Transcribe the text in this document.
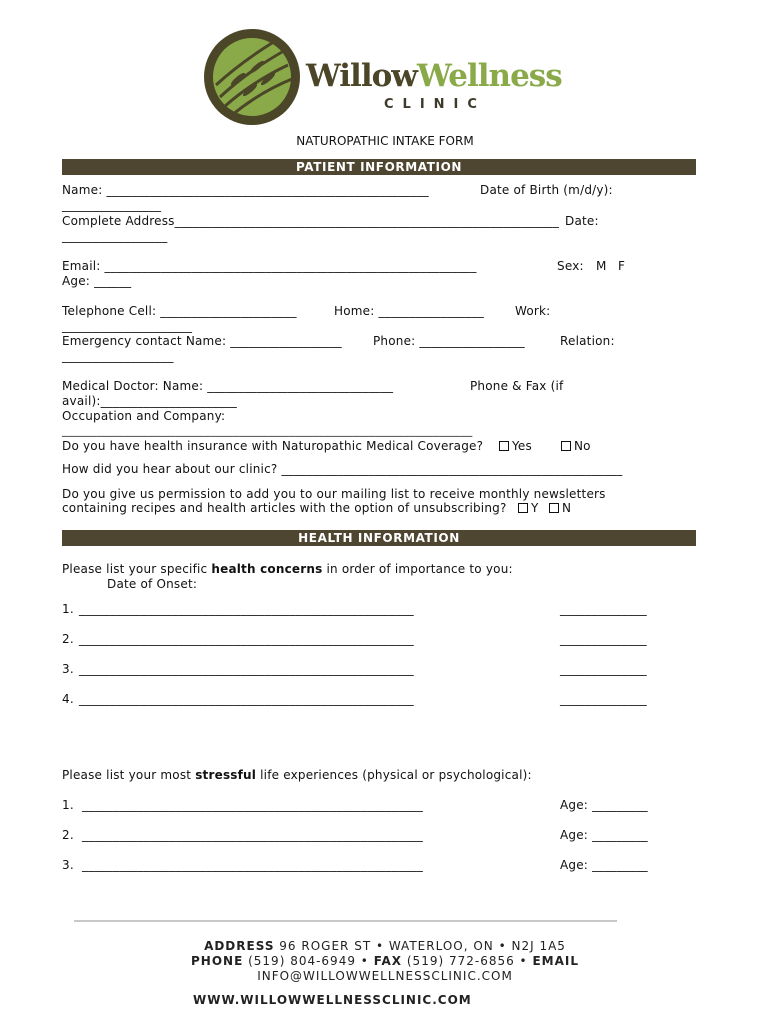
WillowWellness
CLINIC
NATUROPATHIC INTAKE FORM
PATIENT INFORMATION
Name: ____________________________________________________	Date of Birth (m/d/y):
________________
Complete Address______________________________________________________________ Date:
_________________
Email: ____________________________________________________________	Sex: M F
Age: ______
Telephone Cell: ______________________	Home: _________________	Work:
_____________________
Emergency contact Name: __________________	Phone: _________________	Relation:
__________________
Medical Doctor: Name: ______________________________	Phone & Fax (if
avail):______________________
Occupation and Company:
________________________________________________________________________
Do you have health insurance with Naturopathic Medical Coverage?	Yes	No
How did you hear about our clinic? _______________________________________________________
Do you give us permission to add you to our mailing list to receive monthly newsletters
containing recipes and health articles with the option of unsubscribing?	Y	N
HEALTH INFORMATION
Please list your specific health concerns in order of importance to you:
Date of Onset:
1. ______________________________________________________	______________
2. ______________________________________________________	______________
3. ______________________________________________________	______________
4. ______________________________________________________	______________
Please list your most stressful life experiences (physical or psychological):
1. _______________________________________________________	Age: _________
2. _______________________________________________________	Age: _________
3. _______________________________________________________	Age: _________
ADDRESS 96 ROGER ST • WATERLOO, ON • N2J 1A5
PHONE (519) 804-6949 • FAX (519) 772-6856 • EMAIL
INFO@WILLOWWELLNESSCLINIC.COM
WWW.WILLOWWELLNESSCLINIC.COM
